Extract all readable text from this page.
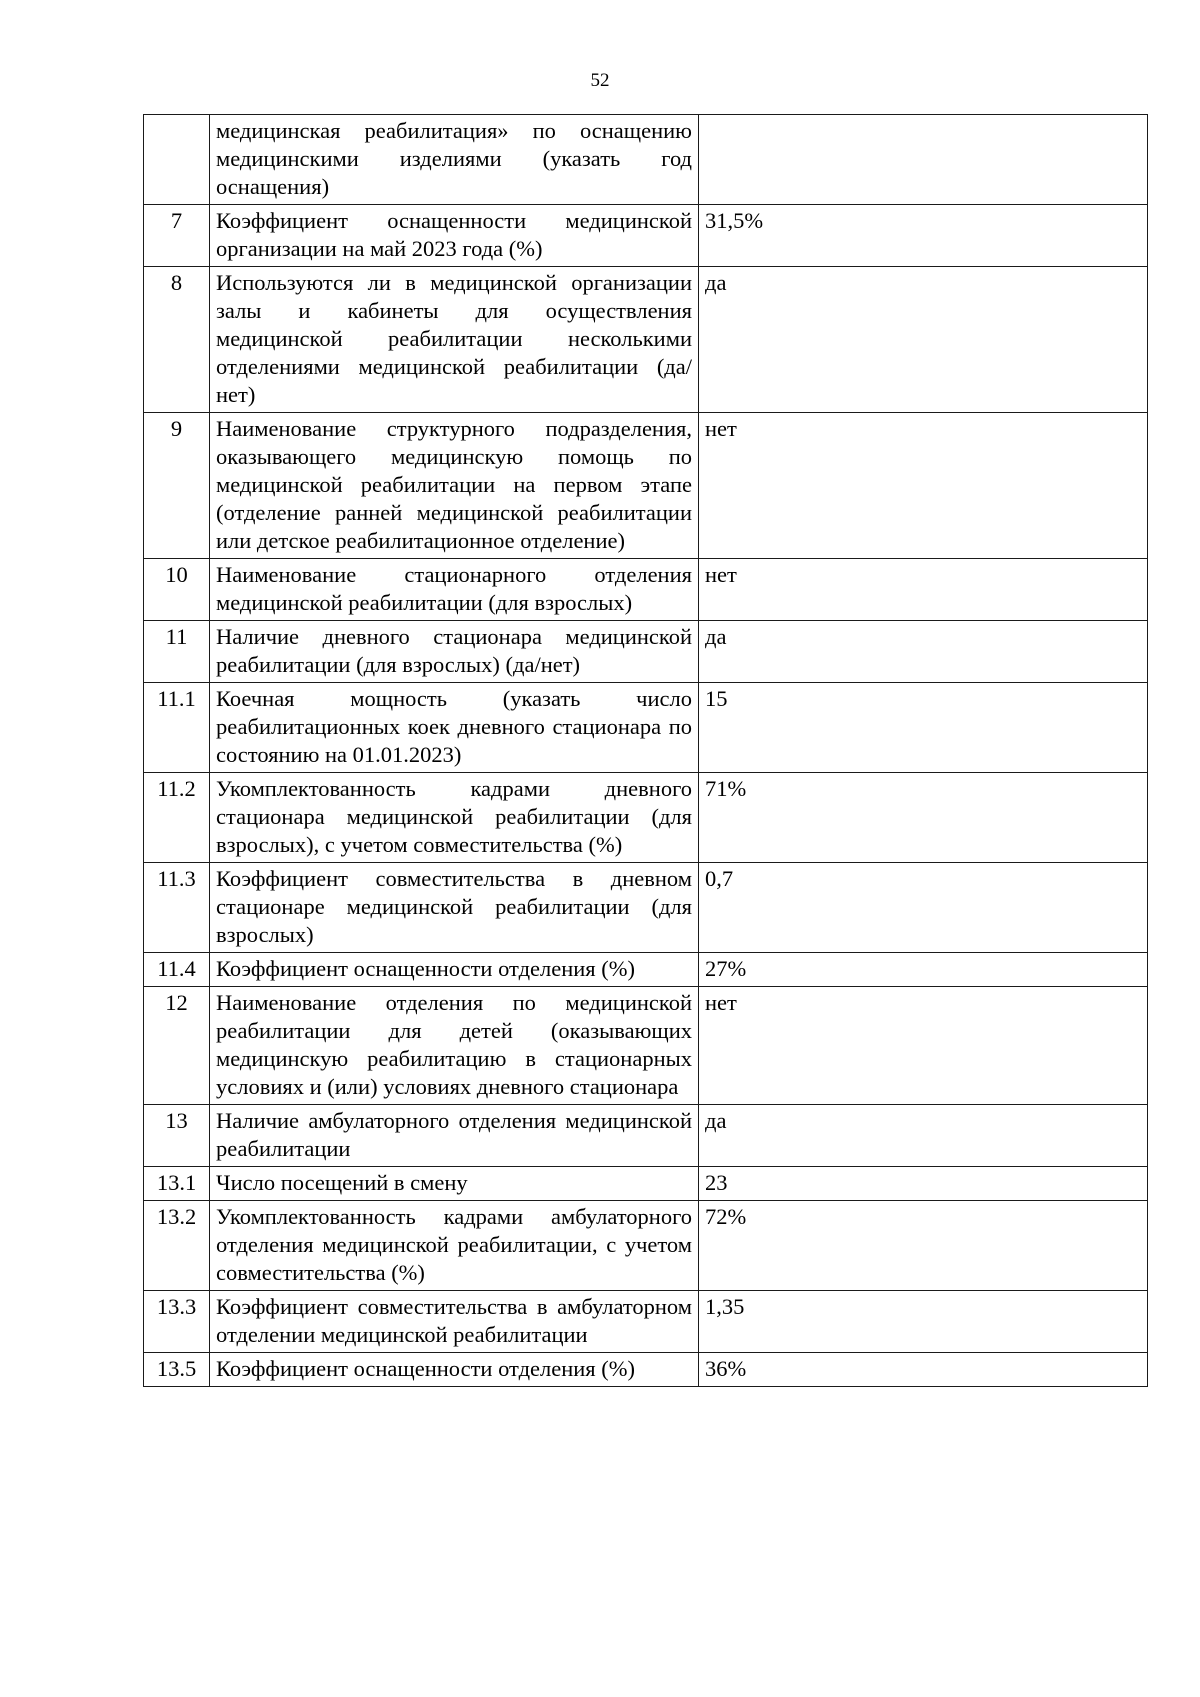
52
	медицинская реабилитация» по оснащению медицинскими изделиями (указать год оснащения)	
7	Коэффициент оснащенности медицинской организации на май 2023 года (%)	31,5%
8	Используются ли в медицинской организации залы и кабинеты для осуществления медицинской реабилитации несколькими отделениями медицинской реабилитации (да/нет)	да
9	Наименование структурного подразделения, оказывающего медицинскую помощь по медицинской реабилитации на первом этапе (отделение ранней медицинской реабилитации или детское реабилитационное отделение)	нет
10	Наименование стационарного отделения медицинской реабилитации (для взрослых)	нет
11	Наличие дневного стационара медицинской реабилитации (для взрослых) (да/нет)	да
11.1	Коечная мощность (указать число реабилитационных коек дневного стационара по состоянию на 01.01.2023)	15
11.2	Укомплектованность кадрами дневного стационара медицинской реабилитации (для взрослых), с учетом совместительства (%)	71%
11.3	Коэффициент совместительства в дневном стационаре медицинской реабилитации (для взрослых)	0,7
11.4	Коэффициент оснащенности отделения (%)	27%
12	Наименование отделения по медицинской реабилитации для детей (оказывающих медицинскую реабилитацию в стационарных условиях и (или) условиях дневного стационара	нет
13	Наличие амбулаторного отделения медицинской реабилитации	да
13.1	Число посещений в смену	23
13.2	Укомплектованность кадрами амбулаторного отделения медицинской реабилитации, с учетом совместительства (%)	72%
13.3	Коэффициент совместительства в амбулаторном отделении медицинской реабилитации	1,35
13.5	Коэффициент оснащенности отделения (%)	36%
